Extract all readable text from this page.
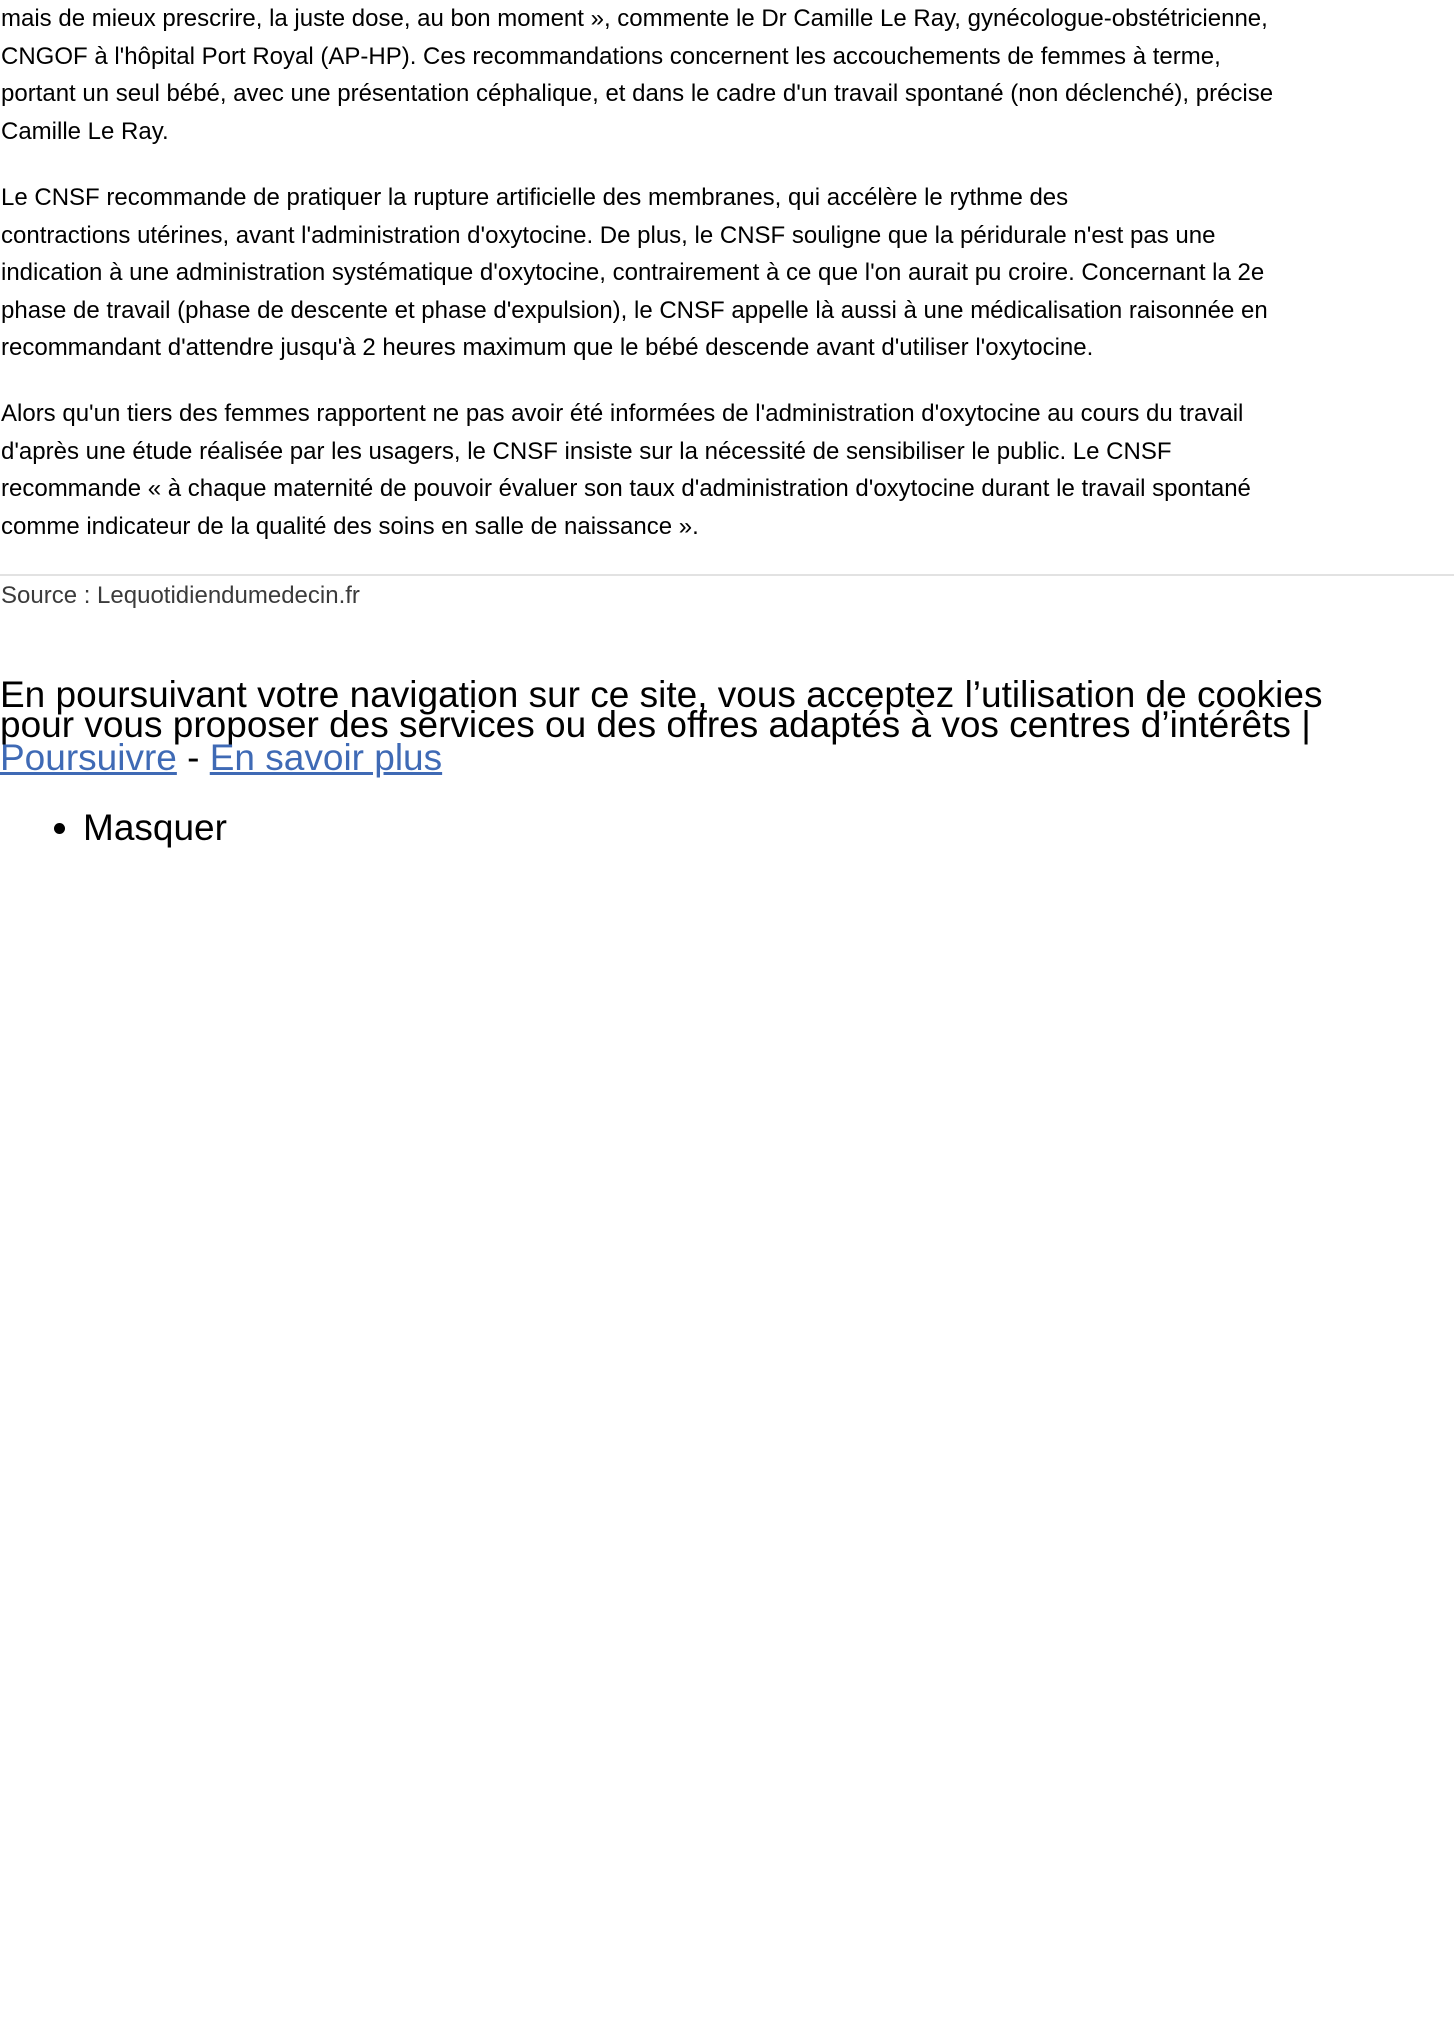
mais de mieux prescrire, la juste dose, au bon moment », commente le Dr Camille Le Ray, gynécologue-obstétricienne,
CNGOF à l'hôpital Port Royal (AP-HP). Ces recommandations concernent les accouchements de femmes à terme,
portant un seul bébé, avec une présentation céphalique, et dans le cadre d'un travail spontané (non déclenché), précise
Camille Le Ray.

Le CNSF recommande de pratiquer la rupture artificielle des membranes, qui accélère le rythme des
contractions utérines, avant l'administration d'oxytocine. De plus, le CNSF souligne que la péridurale n'est pas une
indication à une administration systématique d'oxytocine, contrairement à ce que l'on aurait pu croire. Concernant la 2e
phase de travail (phase de descente et phase d'expulsion), le CNSF appelle là aussi à une médicalisation raisonnée en
recommandant d'attendre jusqu'à 2 heures maximum que le bébé descende avant d'utiliser l'oxytocine.

Alors qu'un tiers des femmes rapportent ne pas avoir été informées de l'administration d'oxytocine au cours du travail
d'après une étude réalisée par les usagers, le CNSF insiste sur la nécessité de sensibiliser le public. Le CNSF
recommande « à chaque maternité de pouvoir évaluer son taux d'administration d'oxytocine durant le travail spontané
comme indicateur de la qualité des soins en salle de naissance ».

Source : Lequotidiendumedecin.fr
En poursuivant votre navigation sur ce site, vous acceptez l’utilisation de cookies
pour vous proposer des services ou des offres adaptés à vos centres d’intérêts |
Poursuivre - En savoir plus
• Masquer
